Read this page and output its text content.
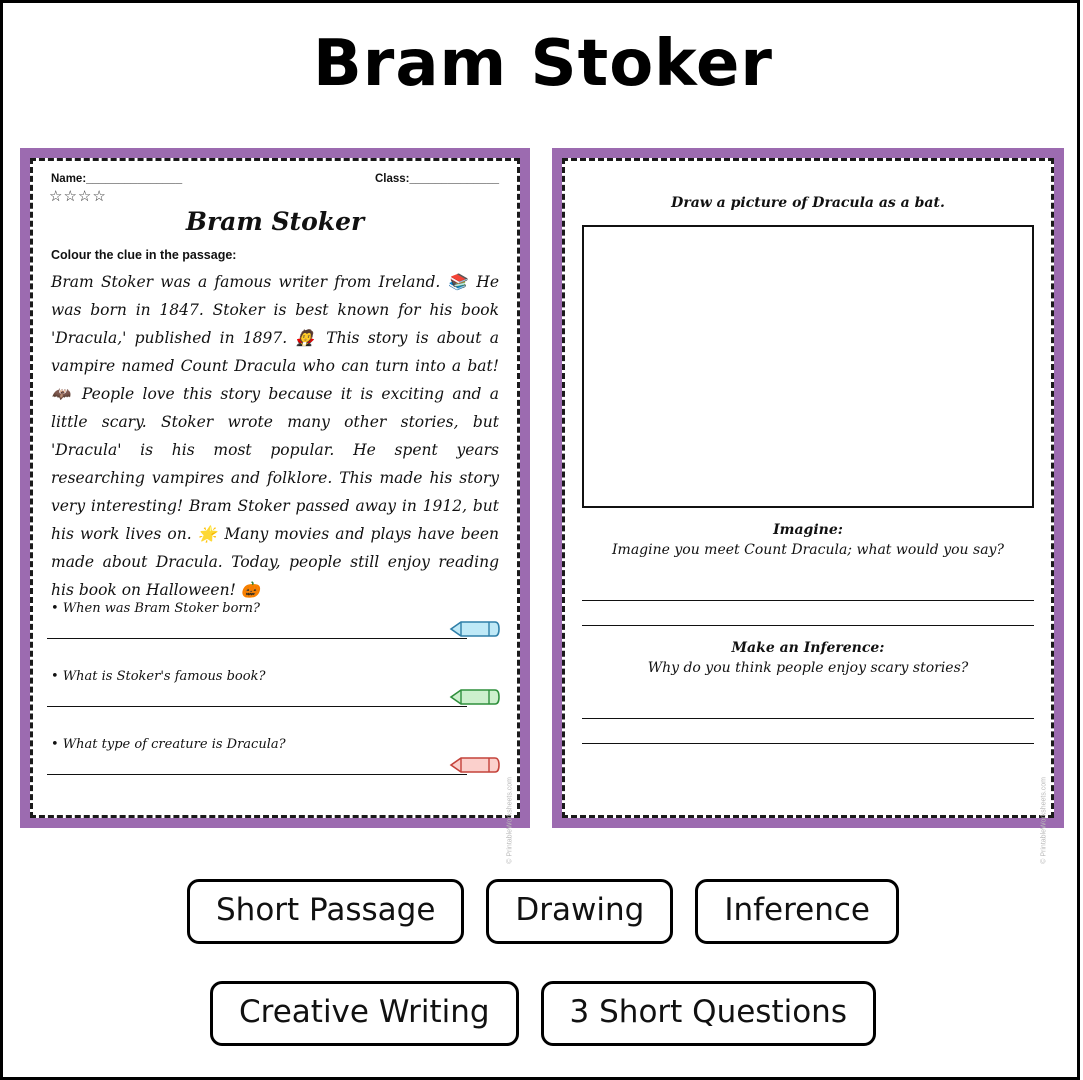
Bram Stoker
Name:_______________	Class:______________
☆☆☆☆
Bram Stoker
Colour the clue in the passage:
Bram Stoker was a famous writer from Ireland. 📚 He was born in 1847. Stoker is best known for his book 'Dracula,' published in 1897. 🧛 This story is about a vampire named Count Dracula who can turn into a bat! 🦇 People love this story because it is exciting and a little scary. Stoker wrote many other stories, but 'Dracula' is his most popular. He spent years researching vampires and folklore. This made his story very interesting! Bram Stoker passed away in 1912, but his work lives on. 🌟 Many movies and plays have been made about Dracula. Today, people still enjoy reading his book on Halloween! 🎃
• When was Bram Stoker born?
• What is Stoker's famous book?
• What type of creature is Dracula?
© PrintableWorksheets.com
Draw a picture of Dracula as a bat.
Imagine:
Imagine you meet Count Dracula; what would you say?
Make an Inference:
Why do you think people enjoy scary stories?
© PrintableWorksheets.com
Short Passage	Drawing	Inference
Creative Writing	3 Short Questions
